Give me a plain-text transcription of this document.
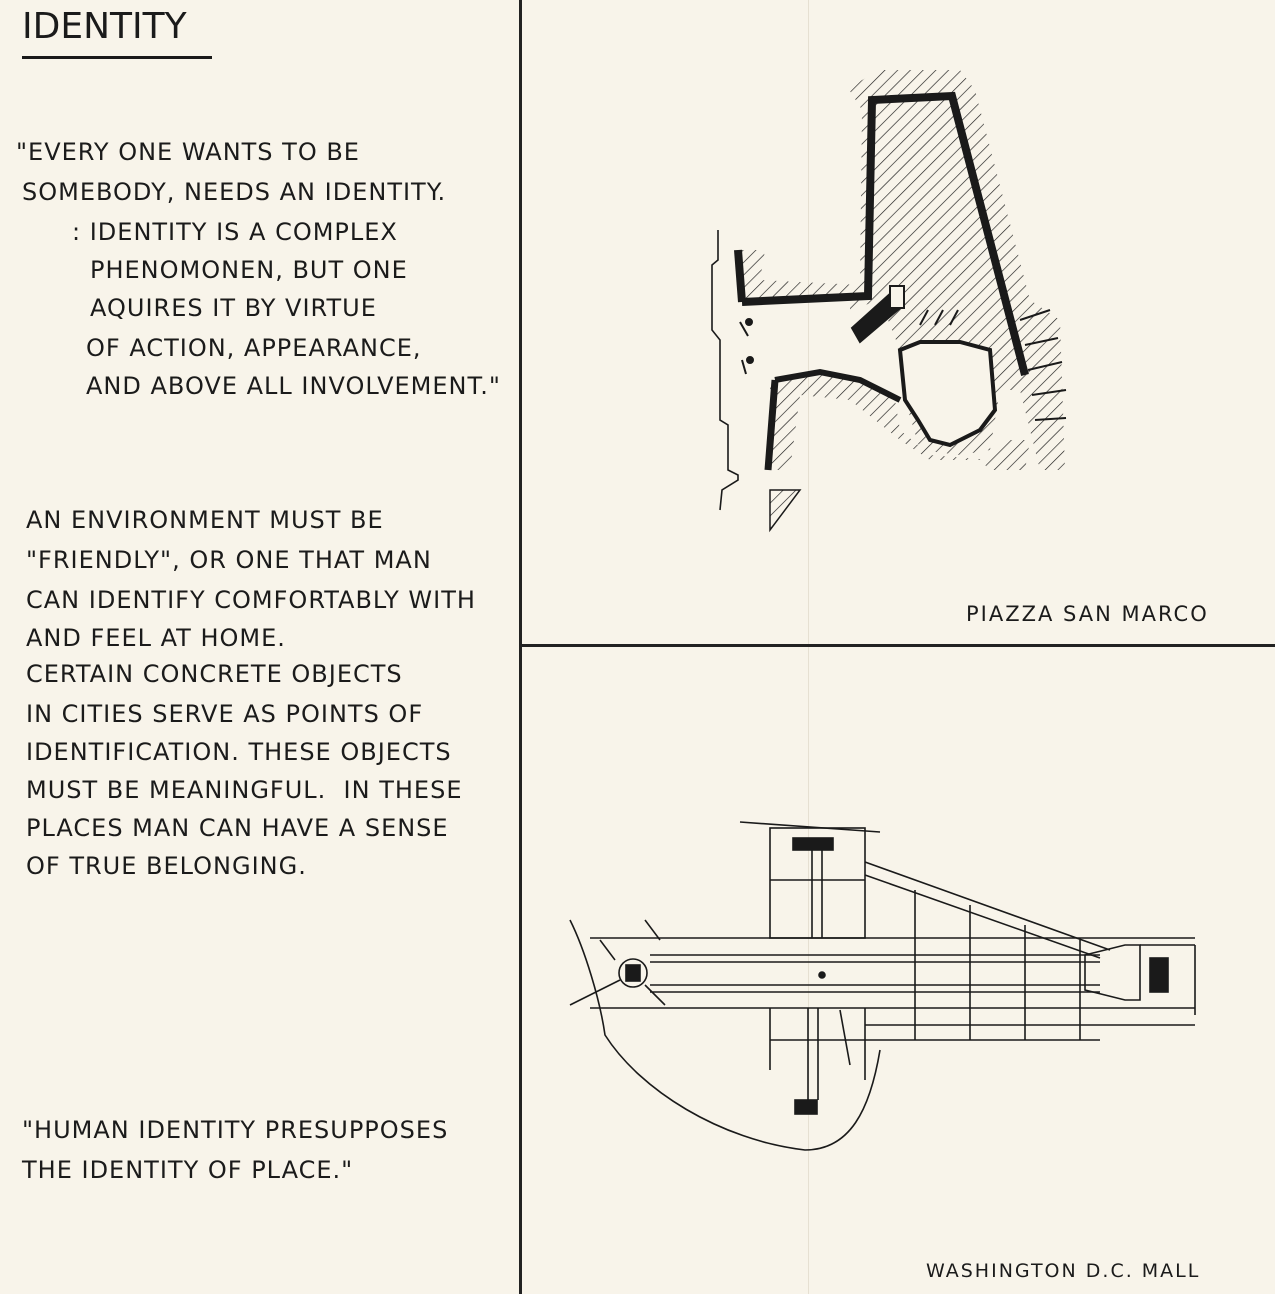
IDENTITY
"EVERY ONE WANTS TO BE
SOMEBODY, NEEDS AN IDENTITY.
: IDENTITY IS A COMPLEX
PHENOMONEN, BUT ONE
AQUIRES IT BY VIRTUE
OF ACTION, APPEARANCE,
AND ABOVE ALL INVOLVEMENT."
AN ENVIRONMENT MUST BE
"FRIENDLY", OR ONE THAT MAN
CAN IDENTIFY COMFORTABLY WITH
AND FEEL AT HOME.
CERTAIN CONCRETE OBJECTS
IN CITIES SERVE AS POINTS OF
IDENTIFICATION. THESE OBJECTS
MUST BE MEANINGFUL.  IN THESE
PLACES MAN CAN HAVE A SENSE
OF TRUE BELONGING.
"HUMAN IDENTITY PRESUPPOSES
THE IDENTITY OF PLACE."
PIAZZA SAN MARCO
WASHINGTON D.C. MALL
